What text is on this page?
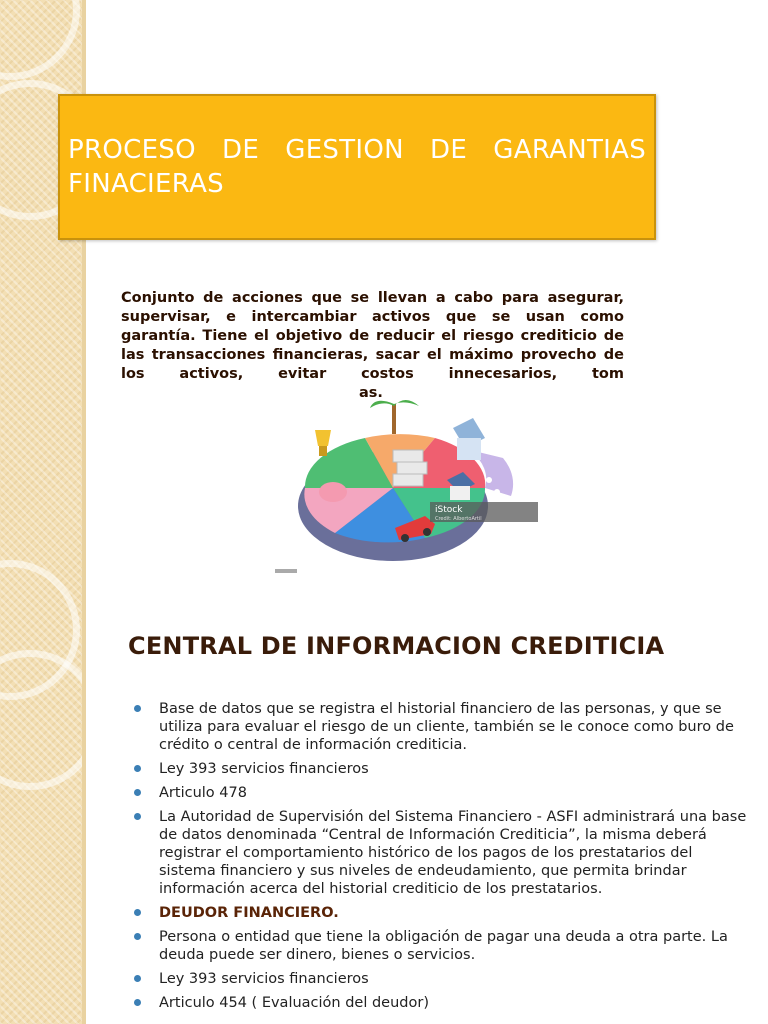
PROCESO DE GESTION DE GARANTIAS FINACIERAS

Conjunto de acciones que se llevan a cabo para asegurar, supervisar, e intercambiar activos que se usan como garantía. Tiene el objetivo de reducir el riesgo crediticio de las transacciones financieras, sacar el máximo provecho de los activos, evitar costos innecesarios, tomas.

iStock
Credit: AlbertoArtil
CENTRAL DE INFORMACION CREDITICIA
Base de datos que se registra el historial financiero de las personas, y que se utiliza para evaluar el riesgo de un cliente, también se le conoce como buro de crédito o central de información crediticia.
Ley 393 servicios financieros
Articulo 478
La Autoridad de Supervisión del Sistema Financiero - ASFI administrará una base de datos denominada “Central de Información Crediticia”, la misma deberá registrar el comportamiento histórico de los pagos de los prestatarios del sistema financiero y sus niveles de endeudamiento, que permita brindar información acerca del historial crediticio de los prestatarios.
DEUDOR FINANCIERO.
Persona o entidad que tiene la obligación de pagar una deuda a otra parte. La deuda puede ser dinero, bienes o servicios.
Ley 393 servicios financieros
Articulo 454 ( Evaluación del deudor)
